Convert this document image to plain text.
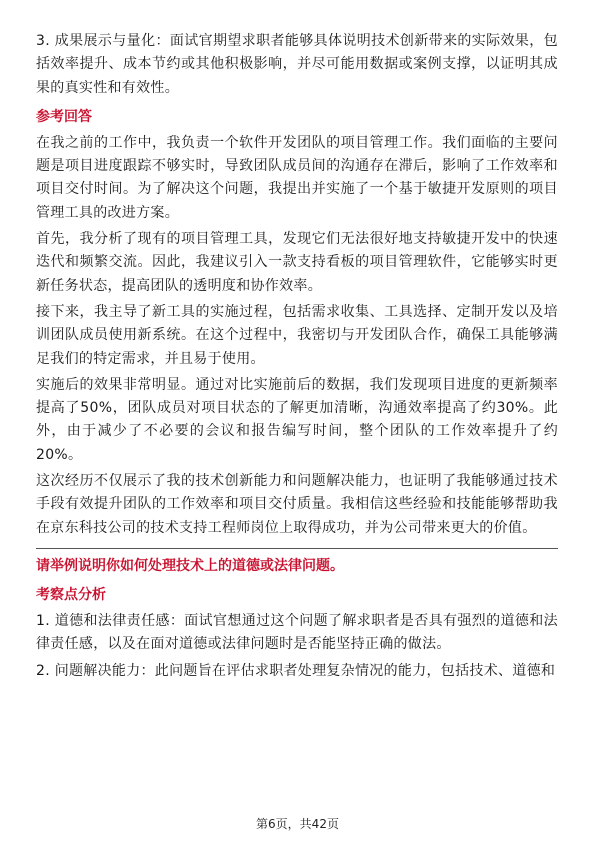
3. 成果展示与量化：面试官期望求职者能够具体说明技术创新带来的实际效果，包括效率提升、成本节约或其他积极影响，并尽可能用数据或案例支撑，以证明其成果的真实性和有效性。

参考回答

在我之前的工作中，我负责一个软件开发团队的项目管理工作。我们面临的主要问题是项目进度跟踪不够实时，导致团队成员间的沟通存在滞后，影响了工作效率和项目交付时间。为了解决这个问题，我提出并实施了一个基于敏捷开发原则的项目管理工具的改进方案。

首先，我分析了现有的项目管理工具，发现它们无法很好地支持敏捷开发中的快速迭代和频繁交流。因此，我建议引入一款支持看板的项目管理软件，它能够实时更新任务状态，提高团队的透明度和协作效率。

接下来，我主导了新工具的实施过程，包括需求收集、工具选择、定制开发以及培训团队成员使用新系统。在这个过程中，我密切与开发团队合作，确保工具能够满足我们的特定需求，并且易于使用。

实施后的效果非常明显。通过对比实施前后的数据，我们发现项目进度的更新频率提高了50%，团队成员对项目状态的了解更加清晰，沟通效率提高了约30%。此外，由于减少了不必要的会议和报告编写时间，整个团队的工作效率提升了约20%。

这次经历不仅展示了我的技术创新能力和问题解决能力，也证明了我能够通过技术手段有效提升团队的工作效率和项目交付质量。我相信这些经验和技能能够帮助我在京东科技公司的技术支持工程师岗位上取得成功，并为公司带来更大的价值。

请举例说明你如何处理技术上的道德或法律问题。
考察点分析

1. 道德和法律责任感：面试官想通过这个问题了解求职者是否具有强烈的道德和法律责任感，以及在面对道德或法律问题时是否能坚持正确的做法。

2. 问题解决能力：此问题旨在评估求职者处理复杂情况的能力，包括技术、道德和

第6页，共42页
